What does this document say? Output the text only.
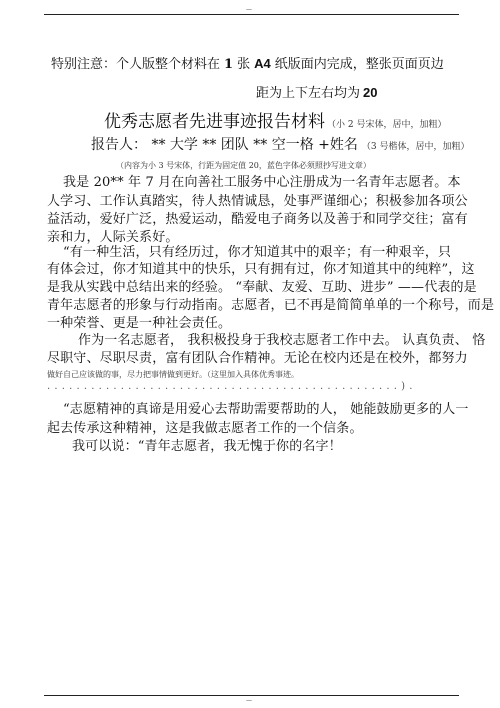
—
特别注意：个人版整个材料在 1 张 A4 纸版面内完成，整张页面页边
距为上下左右均为 20
优秀志愿者先进事迹报告材料 （小 2 号宋体，居中，加粗）
报告人： ** 大学 ** 团队 ** 空一格 +姓名 （3 号楷体，居中，加粗）
（内容为小 3 号宋体，行距为固定值 20，蓝色字体必须照抄写进文章）
我是 20** 年 7 月在向善社工服务中心注册成为一名青年志愿者。本
人学习、工作认真踏实，待人热情诚恳，处事严谨细心；积极参加各项公
益活动，爱好广泛，热爱运动，酷爱电子商务以及善于和同学交往；富有
亲和力，人际关系好。
“有一种生活，只有经历过，你才知道其中的艰辛；有一种艰辛，只
有体会过，你才知道其中的快乐，只有拥有过，你才知道其中的纯粹”，这
是我从实践中总结出来的经验。 “奉献、友爱、互助、进步” ——代表的是
青年志愿者的形象与行动指南。志愿者，已不再是简简单单的一个称号，而是
一种荣誉、更是一种社会责任。
作为一名志愿者， 我积极投身于我校志愿者工作中去。 认真负责、 恪
尽职守、尽职尽责，富有团队合作精神。无论在校内还是在校外，都努力
做好自己应该做的事，尽力把事情做到更好。（这里加入具体优秀事迹。
................................................).
“志愿精神的真谛是用爱心去帮助需要帮助的人， 她能鼓励更多的人一
起去传承这种精神，这是我做志愿者工作的一个信条。
我可以说：“青年志愿者，我无愧于你的名字！
—
